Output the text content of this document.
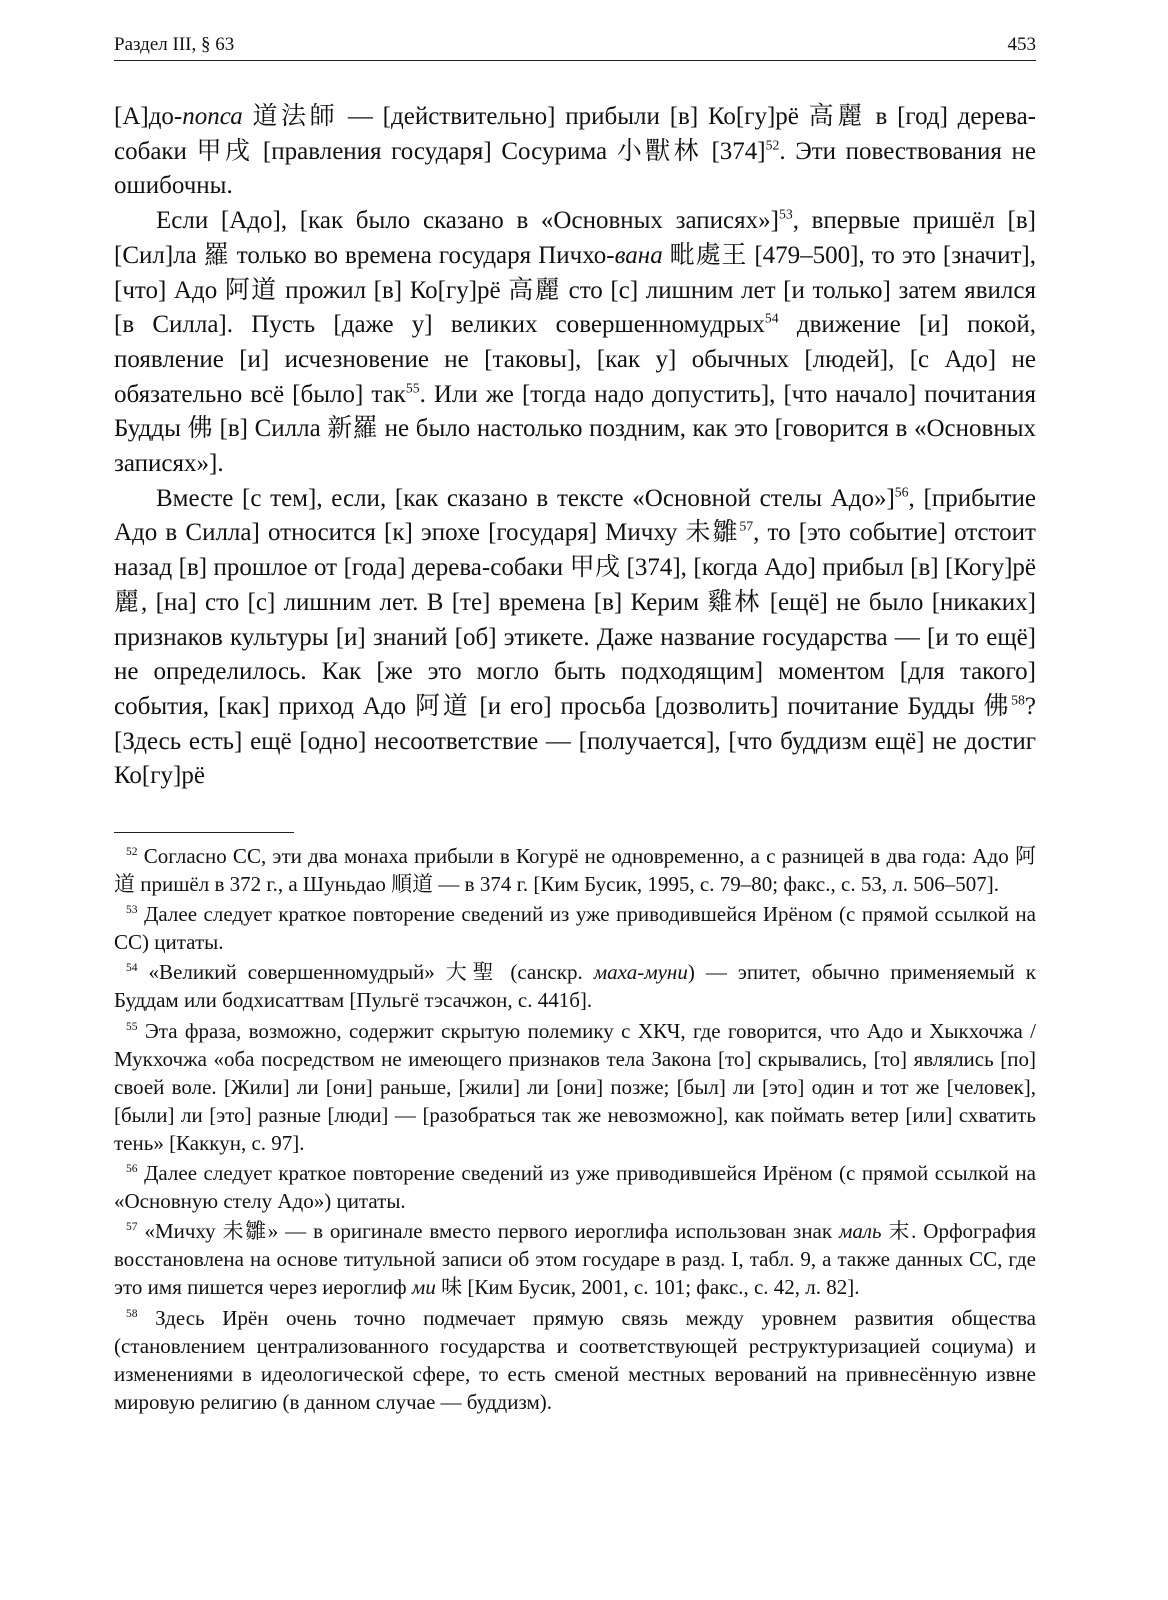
Раздел III, § 63	453

[А]до-попса 道法師 — [действительно] прибыли [в] Ко[гу]рё 高麗 в [год] дерева-собаки 甲戌 [правления государя] Сосурима 小獸林 $[374]^{52}$. Эти повествования не ошибочны.

Если [Адо], [как было сказано в «Основных записях»]$^{53}$, впервые пришёл [в] [Сил]ла 羅 только во времена государя Пичхо-вана 毗處王 [479–500], то это [значит], [что] Адо 阿道 прожил [в] Ко[гу]рё 高麗 сто [с] лишним лет [и только] затем явился [в Силла]. Пусть [даже у] великих совершенномудрых$^{54}$ движение [и] покой, появление [и] исчезновение не [таковы], [как у] обычных [людей], [с Адо] не обязательно всё [было] так$^{55}$. Или же [тогда надо допустить], [что начало] почитания Будды 佛 [в] Силла 新羅 не было настолько поздним, как это [говорится в «Основных записях»].

Вместе [с тем], если, [как сказано в тексте «Основной стелы Адо»]$^{56}$, [прибытие Адо в Силла] относится [к] эпохе [государя] Мичху 未雛$^{57}$, то [это событие] отстоит назад [в] прошлое от [года] дерева-собаки 甲戌 [374], [когда Адо] прибыл [в] [Когу]рё 麗, [на] сто [с] лишним лет. В [те] времена [в] Керим 雞林 [ещё] не было [никаких] признаков культуры [и] знаний [об] этикете. Даже название государства — [и то ещё] не определилось. Как [же это могло быть подходящим] моментом [для такого] события, [как] приход Адо 阿道 [и его] просьба [дозволить] почитание Будды 佛$^{58}$? [Здесь есть] ещё [одно] несоответствие — [получается], [что буддизм ещё] не достиг Ко[гу]рё

$^{52}$ Согласно СС, эти два монаха прибыли в Когурё не одновременно, а с разницей в два года: Адо 阿道 пришёл в 372 г., а Шуньдао 順道 — в 374 г. [Ким Бусик, 1995, с. 79–80; факс., с. 53, л. 506–507].

$^{53}$ Далее следует краткое повторение сведений из уже приводившейся Ирёном (с прямой ссылкой на СС) цитаты.

$^{54}$ «Великий совершенномудрый» 大聖 (санскр. маха-муни) — эпитет, обычно применяемый к Буддам или бодхисаттвам [Пульгё тэсачжон, с. 441б].

$^{55}$ Эта фраза, возможно, содержит скрытую полемику с ХКЧ, где говорится, что Адо и Хыкхочжа / Мукхочжа «оба посредством не имеющего признаков тела Закона [то] скрывались, [то] являлись [по] своей воле. [Жили] ли [они] раньше, [жили] ли [они] позже; [был] ли [это] один и тот же [человек], [были] ли [это] разные [люди] — [разобраться так же невозможно], как поймать ветер [или] схватить тень» [Каккун, с. 97].

$^{56}$ Далее следует краткое повторение сведений из уже приводившейся Ирёном (с прямой ссылкой на «Основную стелу Адо») цитаты.

$^{57}$ «Мичху 未雛» — в оригинале вместо первого иероглифа использован знак маль 末. Орфография восстановлена на основе титульной записи об этом государе в разд. I, табл. 9, а также данных СС, где это имя пишется через иероглиф ми 味 [Ким Бусик, 2001, с. 101; факс., с. 42, л. 82].

$^{58}$ Здесь Ирён очень точно подмечает прямую связь между уровнем развития общества (становлением централизованного государства и соответствующей реструктуризацией социума) и изменениями в идеологической сфере, то есть сменой местных верований на привнесённую извне мировую религию (в данном случае — буддизм).
